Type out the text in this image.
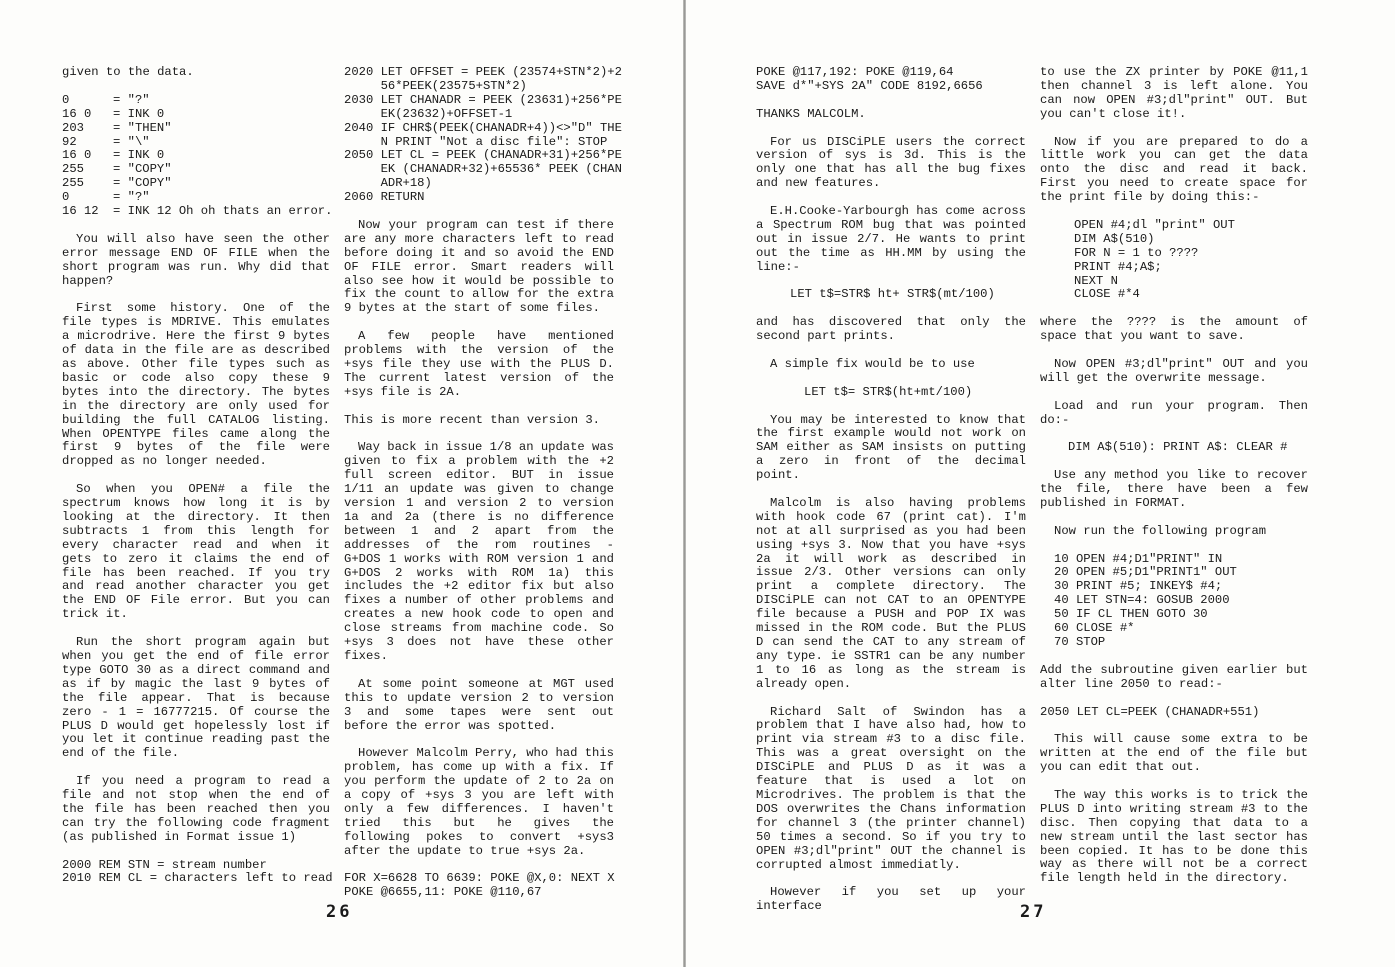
given to the data.

0	= "?"
16 0 = INK 0
203 = "THEN"
92	= "\"
16 0 = INK 0
255 = "COPY"
255 = "COPY"
0	= "?"
16 12 = INK 12 Oh oh thats an error.

You will also have seen the other error message END OF FILE when the short program was run. Why did that happen?

First some history. One of the file types is MDRIVE. This emulates a microdrive. Here the first 9 bytes of data in the file are as described as above. Other file types such as basic or code also copy these 9 bytes into the directory. The bytes in the directory are only used for building the full CATALOG listing. When OPENTYPE files came along the first 9 bytes of the file were dropped as no longer needed.

So when you OPEN# a file the spectrum knows how long it is by looking at the directory. It then subtracts 1 from this length for every character read and when it gets to zero it claims the end of file has been reached. If you try and read another character you get the END OF File error. But you can trick it.

Run the short program again but when you get the end of file error type GOTO 30 as a direct command and as if by magic the last 9 bytes of the file appear. That is because zero - 1 = 16777215. Of course the PLUS D would get hopelessly lost if you let it continue reading past the end of the file.

If you need a program to read a file and not stop when the end of the file has been reached then you can try the following code fragment (as published in Format issue 1)

2000 REM STN = stream number
2010 REM CL = characters left to read
2020 LET OFFSET = PEEK (23574+STN*2)+2
56*PEEK(23575+STN*2)
2030 LET CHANADR = PEEK (23631)+256*PE
EK(23632)+OFFSET-1
2040 IF CHR$(PEEK(CHANADR+4))<>"D" THE
N PRINT "Not a disc file": STOP
2050 LET CL = PEEK (CHANADR+31)+256*PE
EK (CHANADR+32)+65536* PEEK (CHAN
ADR+18)
2060 RETURN

Now your program can test if there are any more characters left to read before doing it and so avoid the END OF FILE error. Smart readers will also see how it would be possible to fix the count to allow for the extra 9 bytes at the start of some files.

A few people have mentioned problems with the version of the +sys file they use with the PLUS D. The current latest version of the +sys file is 2A.

This is more recent than version 3.

Way back in issue 1/8 an update was given to fix a problem with the +2 full screen editor. BUT in issue 1/11 an update was given to change version 1 and version 2 to version 1a and 2a (there is no difference between 1 and 2 apart from the addresses of the rom routines - G+DOS 1 works with ROM version 1 and G+DOS 2 works with ROM 1a) this includes the +2 editor fix but also fixes a number of other problems and creates a new hook code to open and close streams from machine code. So +sys 3 does not have these other fixes.

At some point someone at MGT used this to update version 2 to version 3 and some tapes were sent out before the error was spotted.

However Malcolm Perry, who had this problem, has come up with a fix. If you perform the update of 2 to 2a on a copy of +sys 3 you are left with only a few differences. I haven't tried this but he gives the following pokes to convert +sys3 after the update to true +sys 2a.

FOR X=6628 TO 6639: POKE @X,0: NEXT X
POKE @6655,11: POKE @110,67
26
POKE @117,192: POKE @119,64
SAVE d*"+SYS 2A" CODE 8192,6656

THANKS MALCOLM.

For us DISCiPLE users the correct version of sys is 3d. This is the only one that has all the bug fixes and new features.

E.H.Cooke-Yarbourgh has come across a Spectrum ROM bug that was pointed out in issue 2/7. He wants to print out the time as HH.MM by using the line:-

LET t$=STR$ ht+ STR$(mt/100)

and has discovered that only the second part prints.

A simple fix would be to use

LET t$= STR$(ht+mt/100)

You may be interested to know that the first example would not work on SAM either as SAM insists on putting a zero in front of the decimal point.

Malcolm is also having problems with hook code 67 (print cat). I'm not at all surprised as you had been using +sys 3. Now that you have +sys 2a it will work as described in issue 2/3. Other versions can only print a complete directory. The DISCiPLE can not CAT to an OPENTYPE file because a PUSH and POP IX was missed in the ROM code. But the PLUS D can send the CAT to any stream of any type. ie SSTR1 can be any number 1 to 16 as long as the stream is already open.

Richard Salt of Swindon has a problem that I have also had, how to print via stream #3 to a disc file. This was a great oversight on the DISCiPLE and PLUS D as it was a feature that is used a lot on Microdrives. The problem is that the DOS overwrites the Chans information for channel 3 (the printer channel) 50 times a second. So if you try to OPEN #3;dl"print" OUT the channel is corrupted almost immediatly.

However if you set up your interface

to use the ZX printer by POKE @11,1 then channel 3 is left alone. You can now OPEN #3;dl"print" OUT. But you can't close it!.

Now if you are prepared to do a little work you can get the data onto the disc and read it back. First you need to create space for the print file by doing this:-

OPEN #4;dl "print" OUT
DIM A$(510)
FOR N = 1 to ????
PRINT #4;A$;
NEXT N
CLOSE #*4

where the ???? is the amount of space that you want to save.

Now OPEN #3;dl"print" OUT and you will get the overwrite message.

Load and run your program. Then do:-

DIM A$(510): PRINT A$: CLEAR #

Use any method you like to recover the file, there have been a few published in FORMAT.

Now run the following program

10 OPEN #4;D1"PRINT" IN
20 OPEN #5;D1"PRINT1" OUT
30 PRINT #5; INKEY$ #4;
40 LET STN=4: GOSUB 2000
50 IF CL THEN GOTO 30
60 CLOSE #*
70 STOP

Add the subroutine given earlier but alter line 2050 to read:-

2050 LET CL=PEEK (CHANADR+551)

This will cause some extra to be written at the end of the file but you can edit that out.

The way this works is to trick the PLUS D into writing stream #3 to the disc. Then copying that data to a new stream until the last sector has been copied. It has to be done this way as there will not be a correct file length held in the directory.

27
